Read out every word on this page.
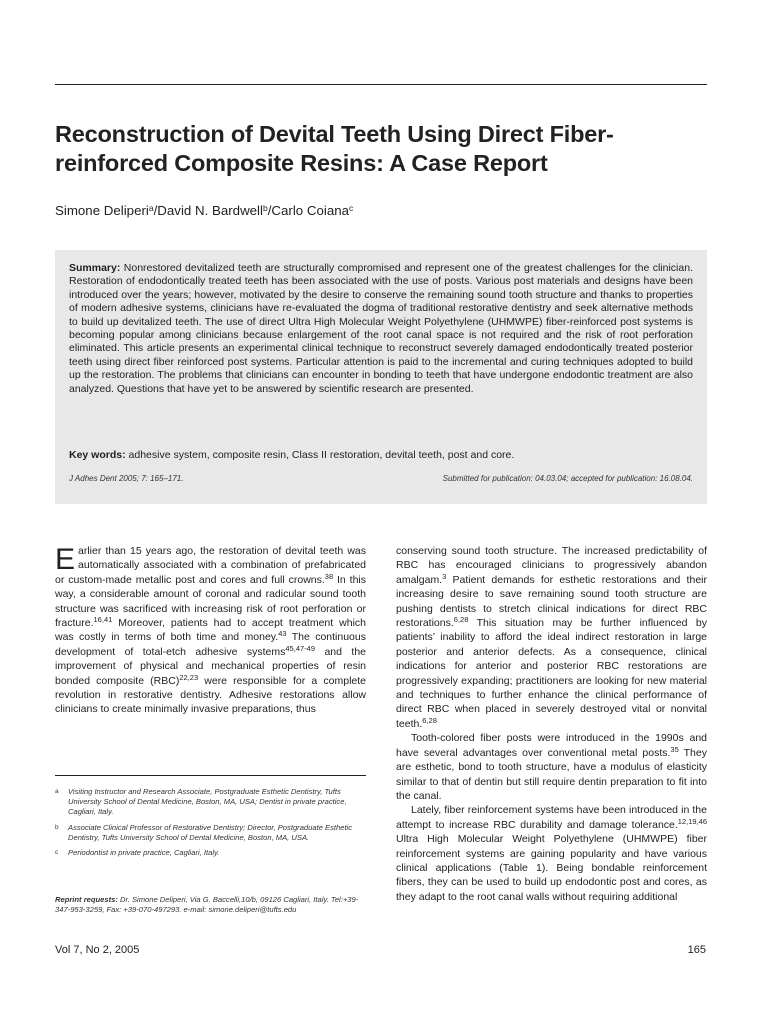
Reconstruction of Devital Teeth Using Direct Fiber-reinforced Composite Resins: A Case Report
Simone Deliperi$^a$/David N. Bardwell$^b$/Carlo Coiana$^c$

Summary: Nonrestored devitalized teeth are structurally compromised and represent one of the greatest challenges for the clinician. Restoration of endodontically treated teeth has been associated with the use of posts. Various post materials and designs have been introduced over the years; however, motivated by the desire to conserve the remaining sound tooth structure and thanks to properties of modern adhesive systems, clinicians have re-evaluated the dogma of traditional restorative dentistry and seek alternative methods to build up devitalized teeth. The use of direct Ultra High Molecular Weight Polyethylene (UHMWPE) fiber-reinforced post systems is becoming popular among clinicians because enlargement of the root canal space is not required and the risk of root perforation eliminated. This article presents an experimental clinical technique to reconstruct severely damaged endodontically treated posterior teeth using direct fiber reinforced post systems. Particular attention is paid to the incremental and curing techniques adopted to build up the restoration. The problems that clinicians can encounter in bonding to teeth that have undergone endodontic treatment are also analyzed. Questions that have yet to be answered by scientific research are presented.

Key words: adhesive system, composite resin, Class II restoration, devital teeth, post and core.

J Adhes Dent 2005; 7: 165–171.	Submitted for publication: 04.03.04; accepted for publication: 16.08.04.

Earlier than 15 years ago, the restoration of devital teeth was automatically associated with a combination of prefabricated or custom-made metallic post and cores and full crowns.$^{38}$ In this way, a considerable amount of coronal and radicular sound tooth structure was sacrificed with increasing risk of root perforation or fracture.$^{16,41}$ Moreover, patients had to accept treatment which was costly in terms of both time and money.$^{43}$ The continuous development of total-etch adhesive systems$^{45,47-49}$ and the improvement of physical and mechanical properties of resin bonded composite (RBC)$^{22,23}$ were responsible for a complete revolution in restorative dentistry. Adhesive restorations allow clinicians to create minimally invasive preparations, thus

conserving sound tooth structure. The increased predictability of RBC has encouraged clinicians to progressively abandon amalgam.$^3$ Patient demands for esthetic restorations and their increasing desire to save remaining sound tooth structure are pushing dentists to stretch clinical indications for direct RBC restorations.$^{6,28}$ This situation may be further influenced by patients’ inability to afford the ideal indirect restoration in large posterior and anterior defects. As a consequence, clinical indications for anterior and posterior RBC restorations are progressively expanding; practitioners are looking for new material and techniques to further enhance the clinical performance of direct RBC when placed in severely destroyed vital or nonvital teeth.$^{6,28}$

Tooth-colored fiber posts were introduced in the 1990s and have several advantages over conventional metal posts.$^{35}$ They are esthetic, bond to tooth structure, have a modulus of elasticity similar to that of dentin but still require dentin preparation to fit into the canal.

Lately, fiber reinforcement systems have been introduced in the attempt to increase RBC durability and damage tolerance.$^{12,19,46}$ Ultra High Molecular Weight Polyethylene (UHMWPE) fiber reinforcement systems are gaining popularity and have various clinical applications (Table 1). Being bondable reinforcement fibers, they can be used to build up endodontic post and cores, as they adapt to the root canal walls without requiring additional

a Visiting Instructor and Research Associate, Postgraduate Esthetic Dentistry, Tufts University School of Dental Medicine, Boston, MA, USA; Dentist in private practice, Cagliari, Italy.
b Associate Clinical Professor of Restorative Dentistry; Director, Postgraduate Esthetic Dentistry, Tufts University School of Dental Medicine, Boston, MA, USA.
c Periodontist in private practice, Cagliari, Italy.

Reprint requests: Dr. Simone Deliperi, Via G. Baccelli,10/b, 09126 Cagliari, Italy. Tel:+39-347-953-3259, Fax: +39-070-497293. e-mail: simone.deliperi@tufts.edu

Vol 7, No 2, 2005	165
